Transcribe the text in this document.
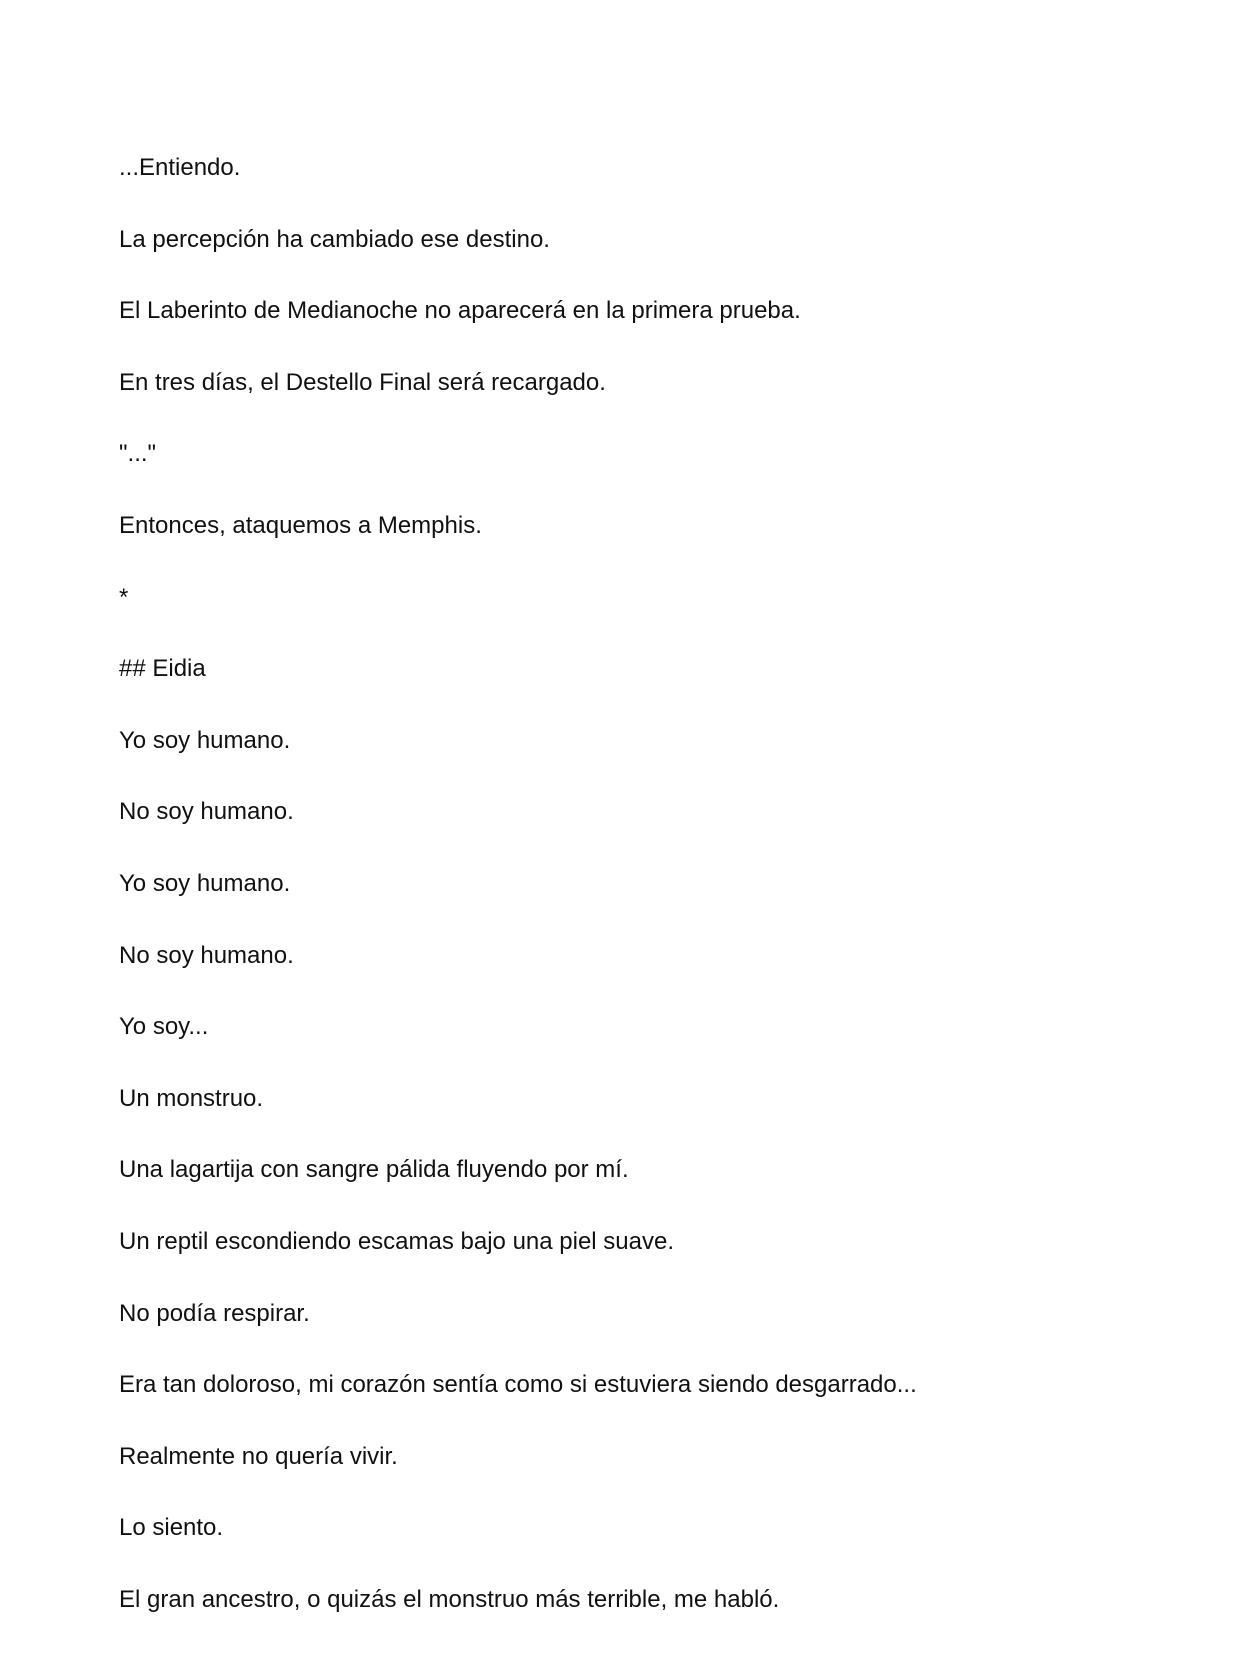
...Entiendo.

La percepción ha cambiado ese destino.

El Laberinto de Medianoche no aparecerá en la primera prueba.

En tres días, el Destello Final será recargado.

"..."

Entonces, ataquemos a Memphis.

*

## Eidia

Yo soy humano.

No soy humano.

Yo soy humano.

No soy humano.

Yo soy...

Un monstruo.

Una lagartija con sangre pálida fluyendo por mí.

Un reptil escondiendo escamas bajo una piel suave.

No podía respirar.

Era tan doloroso, mi corazón sentía como si estuviera siendo desgarrado...

Realmente no quería vivir.

Lo siento.

El gran ancestro, o quizás el monstruo más terrible, me habló.
